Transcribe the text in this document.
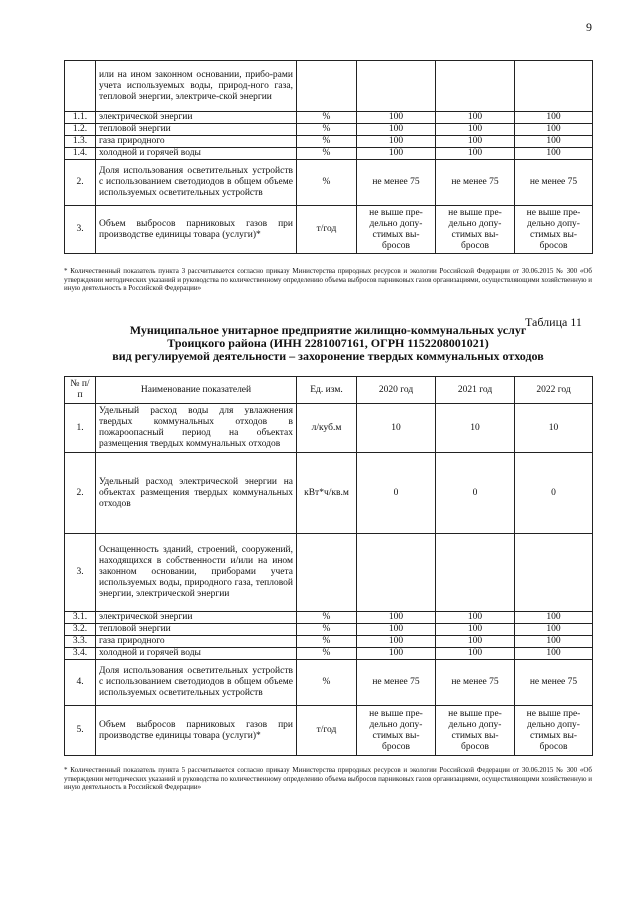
9
	или на ином законном основании, прибо-рами учета используемых воды, природ-ного газа, тепловой энергии, электриче-ской энергии				
1.1.	электрической энергии	%	100	100	100
1.2.	тепловой энергии	%	100	100	100
1.3.	газа природного	%	100	100	100
1.4.	холодной и горячей воды	%	100	100	100
2.	Доля использования осветительных устройств с использованием светодиодов в общем объеме используемых осветительных устройств	%	не менее 75	не менее 75	не менее 75
3.	Объем выбросов парниковых газов при производстве единицы товара (услуги)*	т/год	не выше пре-дельно допу-стимых вы-бросов	не выше пре-дельно допу-стимых вы-бросов	не выше пре-дельно допу-стимых вы-бросов
* Количественный показатель пункта 3 рассчитывается согласно приказу Министерства природных ресурсов и экологии Российской Федерации от 30.06.2015 № 300 «Об утверждении методических указаний и руководства по количественному определению объема выбросов парниковых газов организациями, осуществляющими хозяйственную и иную деятельность в Российской Федерации»
Таблица 11
Муниципальное унитарное предприятие жилищно-коммунальных услуг
Троицкого района (ИНН 2281007161, ОГРН 1152208001021)
вид регулируемой деятельности – захоронение твердых коммунальных отходов
№ п/п	Наименование показателей	Ед. изм.	2020 год	2021 год	2022 год
1.	Удельный расход воды для увлажнения твердых коммунальных отходов в пожароопасный период на объектах размещения твердых коммунальных отходов	л/куб.м	10	10	10
2.	Удельный расход электрической энергии на объектах размещения твердых коммунальных отходов	кВт*ч/кв.м	0	0	0
3.	Оснащенность зданий, строений, сооружений, находящихся в собственности и/или на ином законном основании, приборами учета используемых воды, природного газа, тепловой энергии, электрической энергии				
3.1.	электрической энергии	%	100	100	100
3.2.	тепловой энергии	%	100	100	100
3.3.	газа природного	%	100	100	100
3.4.	холодной и горячей воды	%	100	100	100
4.	Доля использования осветительных устройств с использованием светодиодов в общем объеме используемых осветительных устройств	%	не менее 75	не менее 75	не менее 75
5.	Объем выбросов парниковых газов при производстве единицы товара (услуги)*	т/год	не выше пре-дельно допу-стимых вы-бросов	не выше пре-дельно допу-стимых вы-бросов	не выше пре-дельно допу-стимых вы-бросов
* Количественный показатель пункта 5 рассчитывается согласно приказу Министерства природных ресурсов и экологии Российской Федерации от 30.06.2015 № 300 «Об утверждении методических указаний и руководства по количественному определению объема выбросов парниковых газов организациями, осуществляющими хозяйственную и иную деятельность в Российской Федерации»
